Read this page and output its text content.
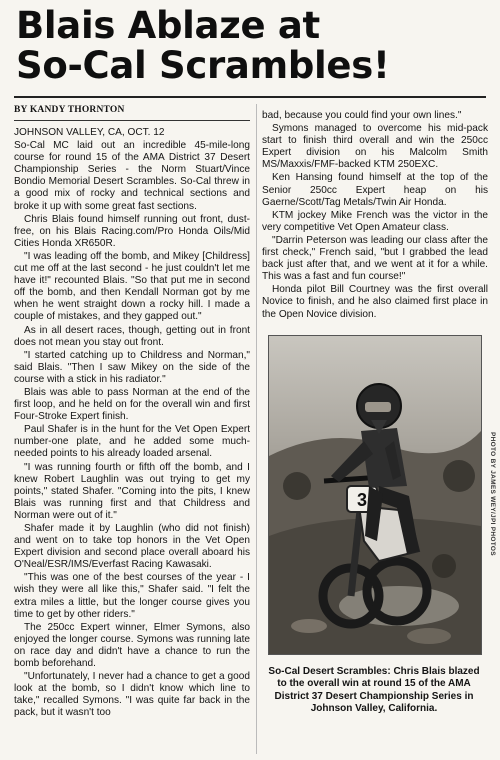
Blais Ablaze at
So-Cal Scrambles!
BY KANDY THORNTON

JOHNSON VALLEY, CA, OCT. 12

So-Cal MC laid out an incredible 45-mile-long course for round 15 of the AMA District 37 Desert Championship Series - the Norm Stuart/Vince Bondio Memorial Desert Scrambles. So-Cal threw in a good mix of rocky and technical sections and broke it up with some great fast sections.

Chris Blais found himself running out front, dust-free, on his Blais Racing.com/Pro Honda Oils/Mid Cities Honda XR650R.

"I was leading off the bomb, and Mikey [Childress] cut me off at the last second - he just couldn't let me have it!" recounted Blais. "So that put me in second off the bomb, and then Kendall Norman got by me when he went straight down a rocky hill. I made a couple of mistakes, and they gapped out."

As in all desert races, though, getting out in front does not mean you stay out front.

"I started catching up to Childress and Norman," said Blais. "Then I saw Mikey on the side of the course with a stick in his radiator."

Blais was able to pass Norman at the end of the first loop, and he held on for the overall win and first Four-Stroke Expert finish.

Paul Shafer is in the hunt for the Vet Open Expert number-one plate, and he added some much-needed points to his already loaded arsenal.

"I was running fourth or fifth off the bomb, and I knew Robert Laughlin was out trying to get my points," stated Shafer. "Coming into the pits, I knew Blais was running first and that Childress and Norman were out of it."

Shafer made it by Laughlin (who did not finish) and went on to take top honors in the Vet Open Expert division and second place overall aboard his O'Neal/ESR/IMS/Everfast Racing Kawasaki.

"This was one of the best courses of the year - I wish they were all like this," Shafer said. "I felt the extra miles a little, but the longer course gives you time to get by other riders."

The 250cc Expert winner, Elmer Symons, also enjoyed the longer course. Symons was running late on race day and didn't have a chance to run the bomb beforehand.

"Unfortunately, I never had a chance to get a good look at the bomb, so I didn't know which line to take," recalled Symons. "I was quite far back in the pack, but it wasn't too

bad, because you could find your own lines."

Symons managed to overcome his mid-pack start to finish third overall and win the 250cc Expert division on his Malcolm Smith MS/Maxxis/FMF-backed KTM 250EXC.

Ken Hansing found himself at the top of the Senior 250cc Expert heap on his Gaerne/Scott/Tag Metals/Twin Air Honda.

KTM jockey Mike French was the victor in the very competitive Vet Open Amateur class.

"Darrin Peterson was leading our class after the first check," French said, "but I grabbed the lead back just after that, and we went at it for a while. This was a fast and fun course!"

Honda pilot Bill Courtney was the first overall Novice to finish, and he also claimed first place in the Open Novice division.

3	PHOTO BY JAMES WEY/JPI PHOTOS
So-Cal Desert Scrambles: Chris Blais blazed to the overall win at round 15 of the AMA District 37 Desert Championship Series in Johnson Valley, California.
